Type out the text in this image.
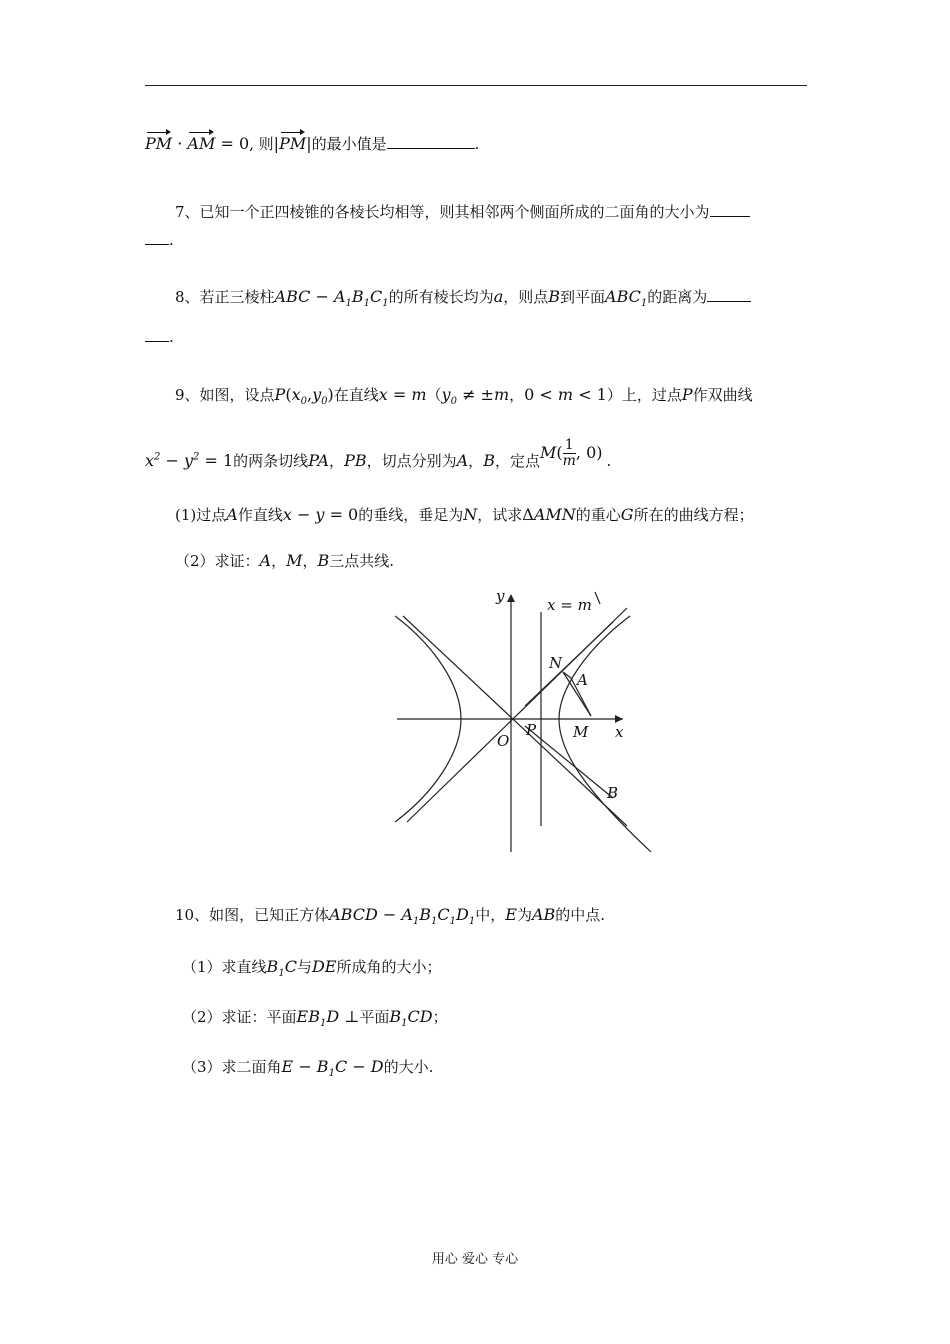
PM · AM = 0, 则|PM|的最小值是	.
7、已知一个正四棱锥的各棱长均相等，则其相邻两个侧面所成的二面角的大小为
.
8、若正三棱柱ABC − $A_1B_1C_1$的所有棱长均为a，则点B到平面$ABC_1$的距离为
.
9、如图，设点$P(x_0,y_0)$在直线$x = m(y_0 \ne \pm m$，0 < m < 1）上，过点P作双曲线
$x^2 - y^2 = 1$的两条切线PA，PB，切点分别为A，B，定点$M( \frac{1}{m}$ , 0) .
(1)过点A作直线x − y = 0的垂线，垂足为N，试求ΔAMN的重心G所在的曲线方程；
（2）求证：A，M，B三点共线.
y
x
x = m
O
P M
N
A
B
10、如图，已知正方体ABCD − $A_1B_1C_1D_1$中，E为AB的中点.
（1）求直线$B_1C$与DE所成角的大小；
（2）求证：平面$EB_1D$ ⊥平面$B_1CD$；
（3）求二面角$E - B_1C - D$的大小.
用心 爱心 专心
